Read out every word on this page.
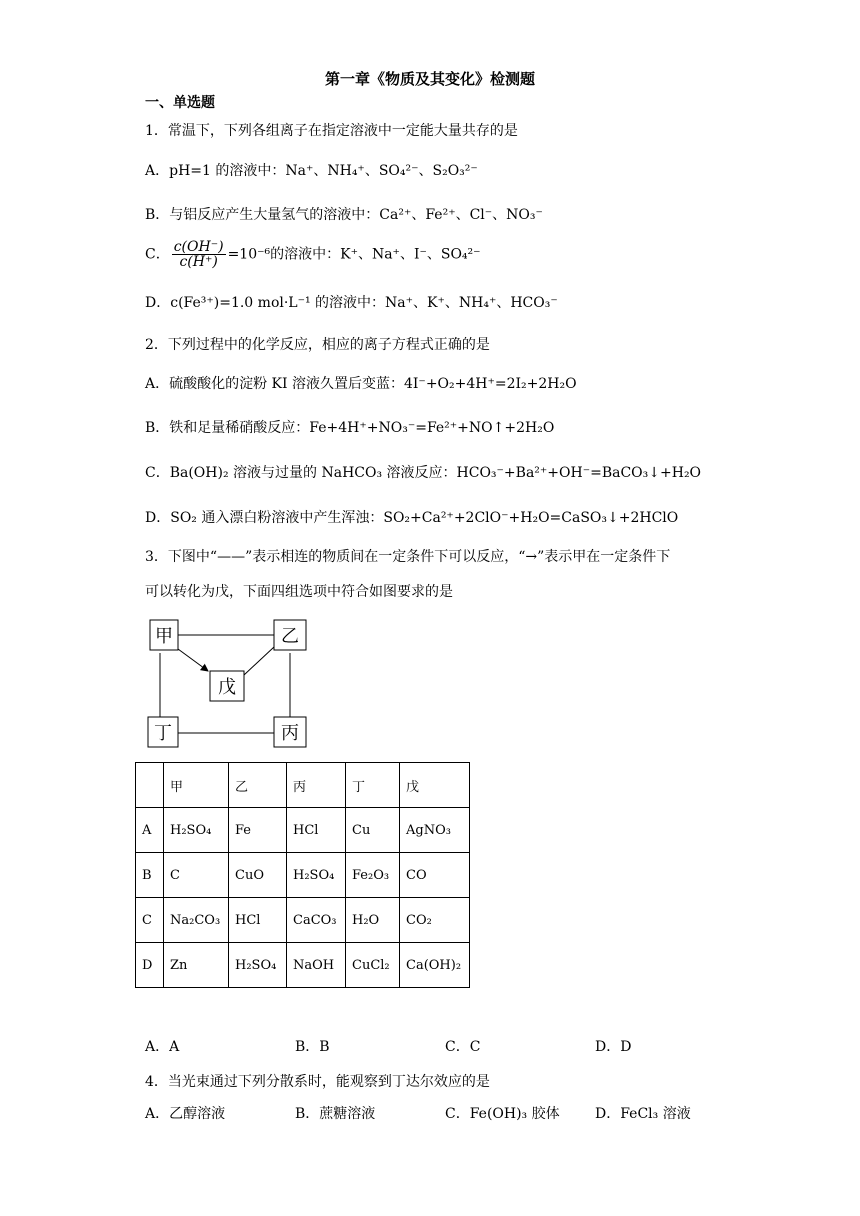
第一章《物质及其变化》检测题
一、单选题
1．常温下，下列各组离子在指定溶液中一定能大量共存的是
A．pH=1 的溶液中：Na⁺、NH₄⁺、SO₄²⁻、S₂O₃²⁻
B．与铝反应产生大量氢气的溶液中：Ca²⁺、Fe²⁺、Cl⁻、NO₃⁻
C． $\frac{c(OH^-)}{c(H^+)} =10^{-6}$的溶液中：K⁺、Na⁺、I⁻、SO₄²⁻
D．c(Fe³⁺)=1.0 mol·L⁻¹ 的溶液中：Na⁺、K⁺、NH₄⁺、HCO₃⁻
2．下列过程中的化学反应，相应的离子方程式正确的是
A．硫酸酸化的淀粉 KI 溶液久置后变蓝：4I⁻+O₂+4H⁺=2I₂+2H₂O
B．铁和足量稀硝酸反应：Fe+4H⁺+NO₃⁻=Fe²⁺+NO↑+2H₂O
C．Ba(OH)₂ 溶液与过量的 NaHCO₃ 溶液反应：HCO₃⁻+Ba²⁺+OH⁻=BaCO₃↓+H₂O
D．SO₂ 通入漂白粉溶液中产生浑浊：SO₂+Ca²⁺+2ClO⁻+H₂O=CaSO₃↓+2HClO
3．下图中“——”表示相连的物质间在一定条件下可以反应，“→”表示甲在一定条件下
可以转化为戊，下面四组选项中符合如图要求的是
甲	乙
戊
丁	丙
	甲	乙	丙	丁	戊
A	H₂SO₄	Fe	HCl	Cu	AgNO₃
B	C	CuO	H₂SO₄	Fe₂O₃	CO
C	Na₂CO₃	HCl	CaCO₃	H₂O	CO₂
D	Zn	H₂SO₄	NaOH	CuCl₂	Ca(OH)₂
A．A	B．B	C．C	D．D
4．当光束通过下列分散系时，能观察到丁达尔效应的是
A．乙醇溶液	B．蔗糖溶液	C．Fe(OH)₃ 胶体	D．FeCl₃ 溶液
